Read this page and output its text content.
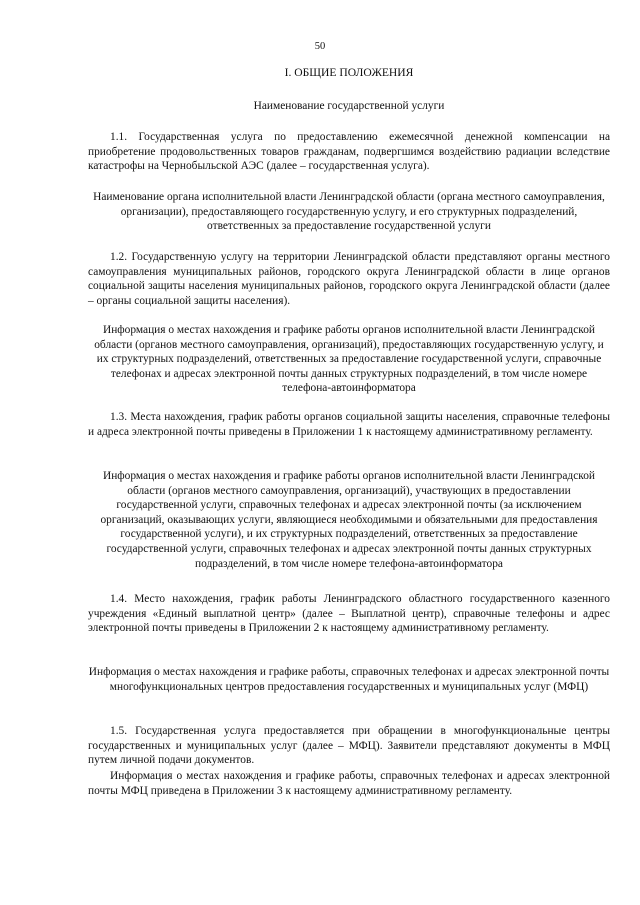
50

I. ОБЩИЕ ПОЛОЖЕНИЯ

Наименование государственной услуги

1.1. Государственная услуга по предоставлению ежемесячной денежной компенсации на приобретение продовольственных товаров гражданам, подвергшимся воздействию радиации вследствие катастрофы на Чернобыльской АЭС (далее – государственная услуга).

Наименование органа исполнительной власти Ленинградской области (органа местного самоуправления, организации), предоставляющего государственную услугу, и его структурных подразделений, ответственных за предоставление государственной услуги

1.2. Государственную услугу на территории Ленинградской области представляют органы местного самоуправления муниципальных районов, городского округа Ленинградской области в лице органов социальной защиты населения муниципальных районов, городского округа Ленинградской области (далее – органы социальной защиты населения).

Информация о местах нахождения и графике работы органов исполнительной власти Ленинградской области (органов местного самоуправления, организаций), предоставляющих государственную услугу, и их структурных подразделений, ответственных за предоставление государственной услуги, справочные телефонах и адресах электронной почты данных структурных подразделений, в том числе номере телефона-автоинформатора

1.3. Места нахождения, график работы органов социальной защиты населения, справочные телефоны и адреса электронной почты приведены в Приложении 1 к настоящему административному регламенту.

Информация о местах нахождения и графике работы органов исполнительной власти Ленинградской области (органов местного самоуправления, организаций), участвующих в предоставлении государственной услуги, справочных телефонах и адресах электронной почты (за исключением организаций, оказывающих услуги, являющиеся необходимыми и обязательными для предоставления государственной услуги), и их структурных подразделений, ответственных за предоставление государственной услуги, справочных телефонах и адресах электронной почты данных структурных подразделений, в том числе номере телефона-автоинформатора

1.4. Место нахождения, график работы Ленинградского областного государственного казенного учреждения «Единый выплатной центр» (далее – Выплатной центр), справочные телефоны и адрес электронной почты приведены в Приложении 2 к настоящему административному регламенту.

Информация о местах нахождения и графике работы, справочных телефонах и адресах электронной почты многофункциональных центров предоставления государственных и муниципальных услуг (МФЦ)

1.5. Государственная услуга предоставляется при обращении в многофункциональные центры государственных и муниципальных услуг (далее – МФЦ). Заявители представляют документы в МФЦ путем личной подачи документов.

Информация о местах нахождения и графике работы, справочных телефонах и адресах электронной почты МФЦ приведена в Приложении 3 к настоящему административному регламенту.
